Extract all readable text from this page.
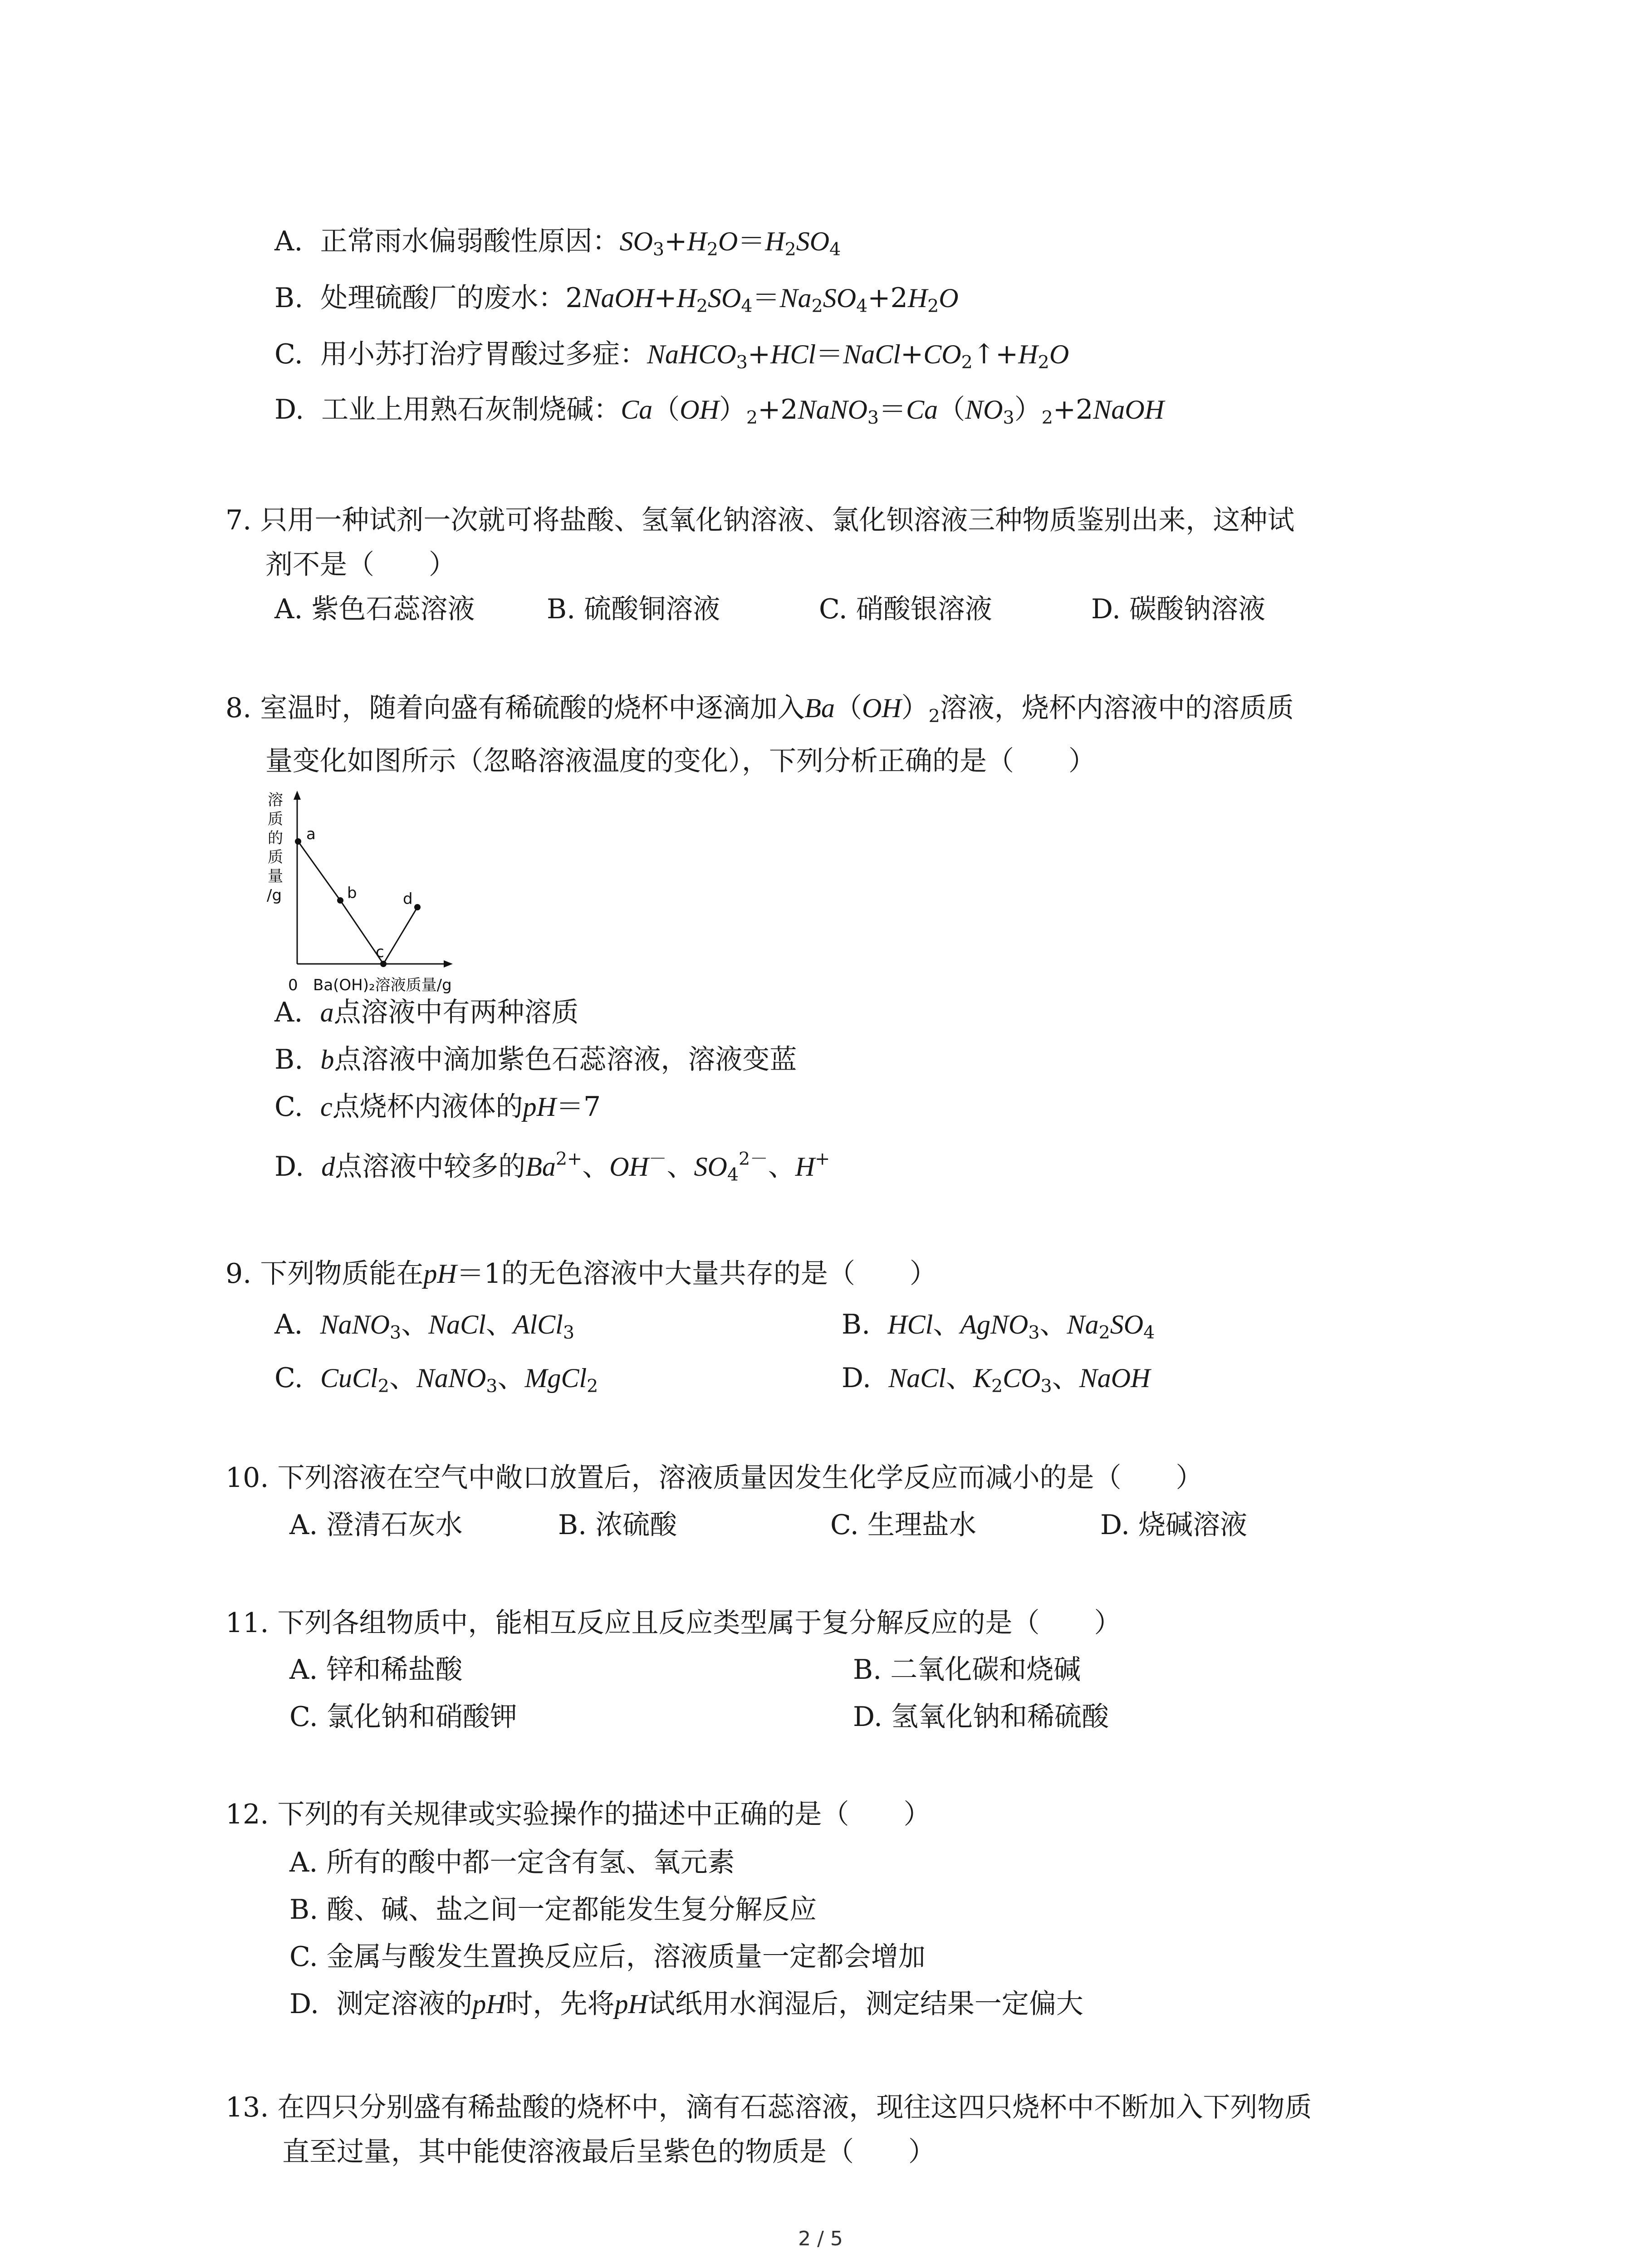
A. 正常雨水偏弱酸性原因：$SO_3+H_2O=H_2SO_4$
B. 处理硫酸厂的废水：$2NaOH+H_2SO_4=Na_2SO_4+2H_2O$
C. 用小苏打治疗胃酸过多症：$NaHCO_3+HCl=NaCl+CO_2↑+H_2O$
D. 工业上用熟石灰制烧碱：$Ca(OH)_2+2NaNO_3=Ca(NO_3)_2+2NaOH$
7. 只用一种试剂一次就可将盐酸、氢氧化钠溶液、氯化钡溶液三种物质鉴别出来，这种试
剂不是（　　）
A. 紫色石蕊溶液	B. 硫酸铜溶液	C. 硝酸银溶液	D. 碳酸钠溶液
8. 室温时，随着向盛有稀硫酸的烧杯中逐滴加入$Ba(OH)_2$溶液，烧杯内溶液中的溶质质
量变化如图所示（忽略溶液温度的变化），下列分析正确的是（　　）
溶
质
的
质
量
/g
a
b
c
d
0 Ba(OH)₂溶液质量/g
A. a点溶液中有两种溶质
B. b点溶液中滴加紫色石蕊溶液，溶液变蓝
C. c点烧杯内液体的pH＝7
D. d点溶液中较多的$Ba^{2+}$、OH－、$SO_4^{2-}$、H+
9. 下列物质能在pH＝1的无色溶液中大量共存的是（　　）
A. NaNO$_3$、NaCl、AlCl$_3$	B. HCl、AgNO$_3$、$Na_2SO_4$
C. CuCl$_2$、NaNO$_3$、MgCl$_2$	D. NaCl、$K_2CO_3$、NaOH
10. 下列溶液在空气中敞口放置后，溶液质量因发生化学反应而减小的是（　　）
A. 澄清石灰水	B. 浓硫酸	C. 生理盐水	D. 烧碱溶液
11. 下列各组物质中，能相互反应且反应类型属于复分解反应的是（　　）
A. 锌和稀盐酸	B. 二氧化碳和烧碱
C. 氯化钠和硝酸钾	D. 氢氧化钠和稀硫酸
12. 下列的有关规律或实验操作的描述中正确的是（　　）
A. 所有的酸中都一定含有氢、氧元素
B. 酸、碱、盐之间一定都能发生复分解反应
C. 金属与酸发生置换反应后，溶液质量一定都会增加
D. 测定溶液的pH时，先将pH试纸用水润湿后，测定结果一定偏大
13. 在四只分别盛有稀盐酸的烧杯中，滴有石蕊溶液，现往这四只烧杯中不断加入下列物质
直至过量，其中能使溶液最后呈紫色的物质是（　　）
2 / 5
